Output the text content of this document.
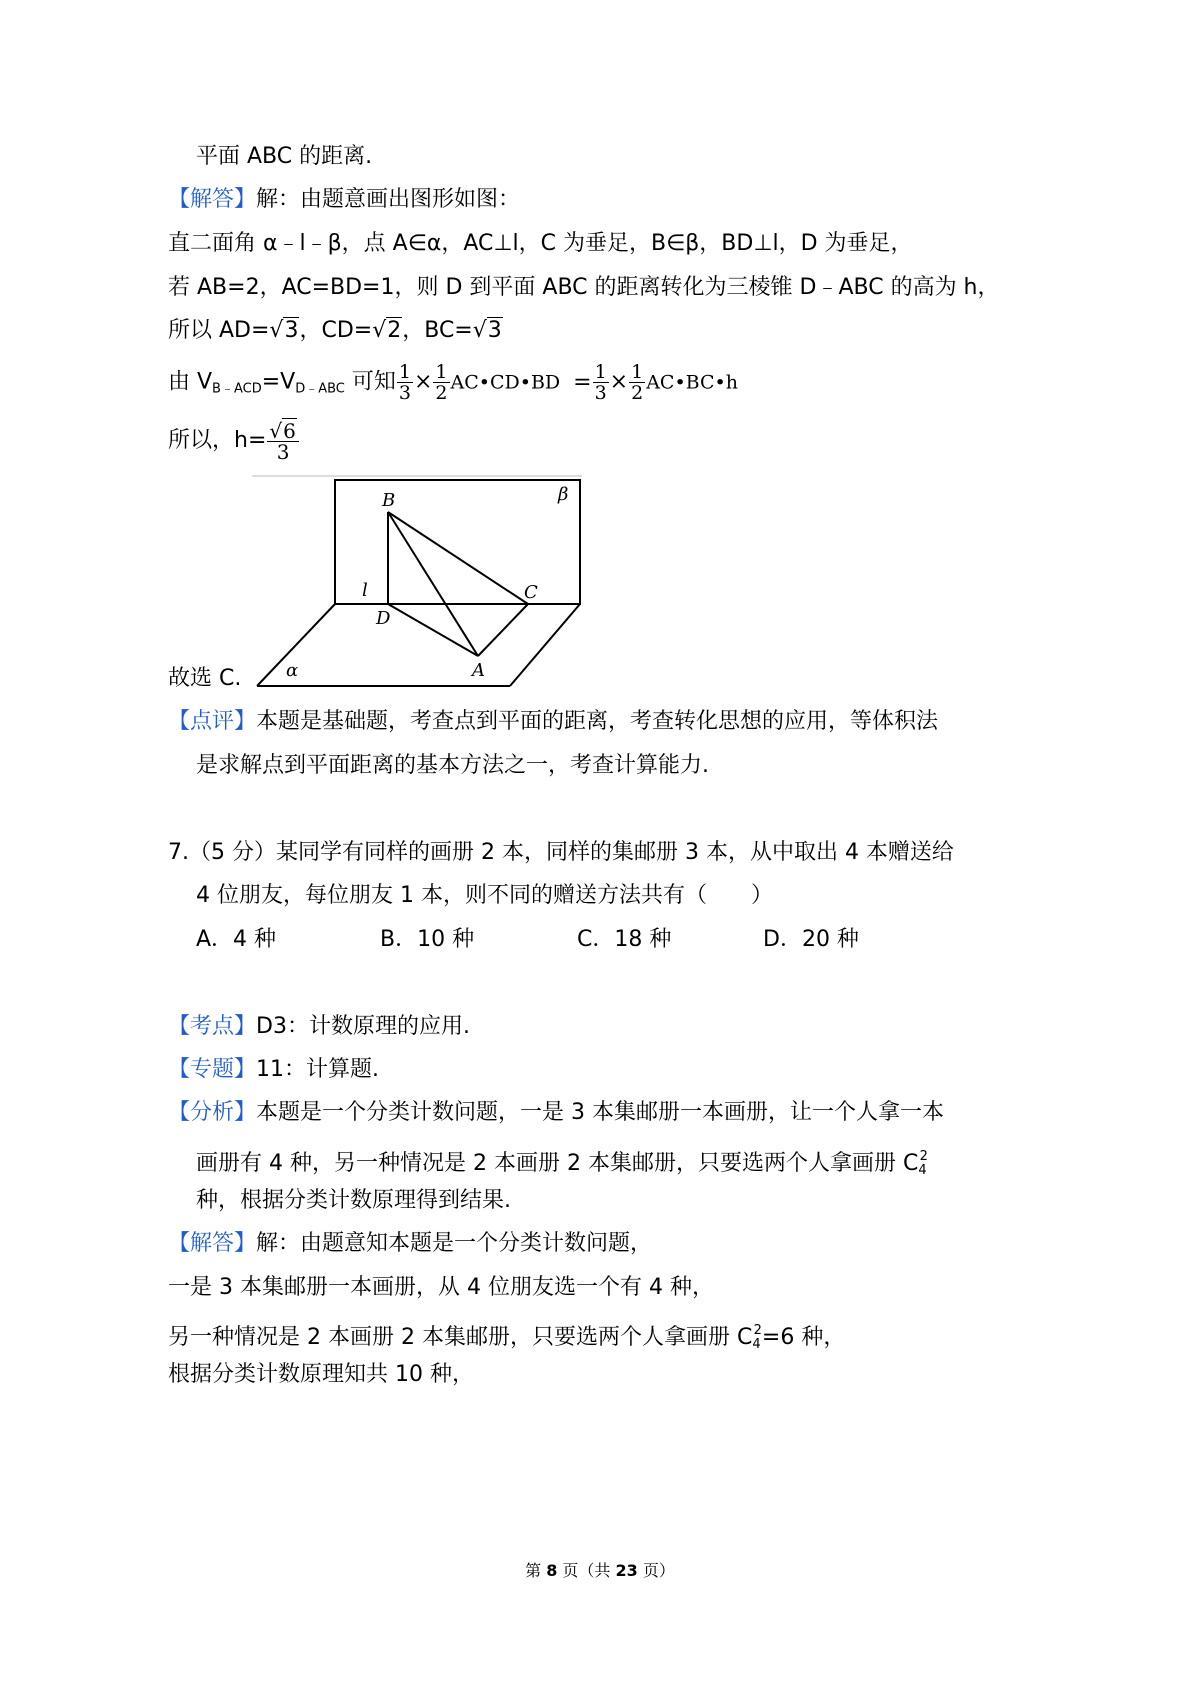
平面 ABC 的距离.
【解答】解：由题意画出图形如图：
直二面角 α﹣l﹣β，点 A∈α，AC⊥l，C 为垂足，B∈β，BD⊥l，D 为垂足，
若 AB=2，AC=BD=1，则 D 到平面 ABC 的距离转化为三棱锥 D﹣ABC 的高为 h，
所以 AD=√3，CD=√2，BC=√3
由 $V_{B﹣ACD}=V_{D﹣ABC}$ 可知 $\frac{1}{3} \times \frac{1}{2}$ AC•CD•BD = $\frac{1}{3} \times \frac{1}{2}$ AC•BC•h
所以，$h= \frac{√6}{3}$
B	β
l	C
D
A
α
故选 C.
【点评】本题是基础题，考查点到平面的距离，考查转化思想的应用，等体积法
是求解点到平面距离的基本方法之一，考查计算能力.
7.（5 分）某同学有同样的画册 2 本，同样的集邮册 3 本，从中取出 4 本赠送给
4 位朋友，每位朋友 1 本，则不同的赠送方法共有（　　）
A．4 种	B．10 种	C．18 种	D．20 种
【考点】D3：计数原理的应用.
【专题】11：计算题.
【分析】本题是一个分类计数问题，一是 3 本集邮册一本画册，让一个人拿一本
画册有 4 种，另一种情况是 2 本画册 2 本集邮册，只要选两个人拿画册 $C_4^2$
种，根据分类计数原理得到结果.
【解答】解：由题意知本题是一个分类计数问题，
一是 3 本集邮册一本画册，从 4 位朋友选一个有 4 种，
另一种情况是 2 本画册 2 本集邮册，只要选两个人拿画册 $C_4^2=6$ 种，
根据分类计数原理知共 10 种，
第 8 页（共 23 页）
